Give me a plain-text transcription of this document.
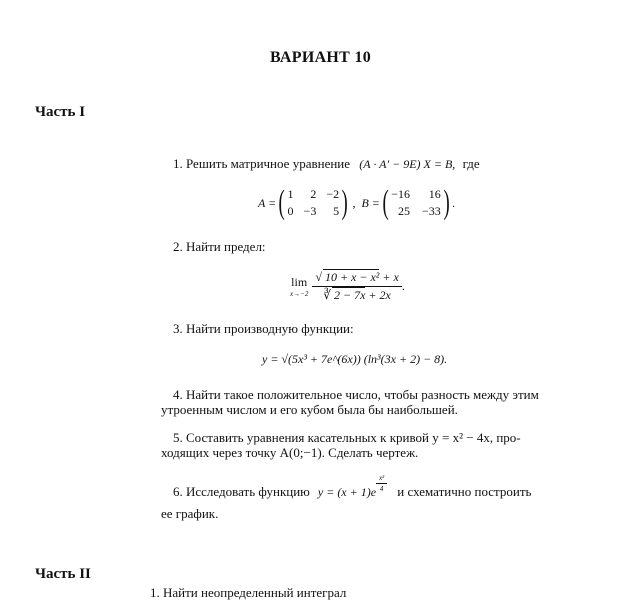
ВАРИАНТ 10
Часть I
1. Решить матричное уравнение (A · A′ − 9E) X = B, где
A = ( 1	2 −2
0 −3	5 ) , B = ( −16	16
25 −33 ) .
2. Найти предел:
lim
$x\to-2 \frac{\text{√ 10 + x − x² + x}}{∛ 2 - 7x + 2x}$ .
3. Найти производную функции:
y = √(5x³ + 7e^(6x)) (ln³(3x + 2) − 8).
4. Найти такое положительное число, чтобы разность между этим
утроенным числом и его кубом была бы наибольшей.
5. Составить уравнения касательных к кривой y = x² − 4x, про-
ходящих через точку A(0;−1). Сделать чертеж.
6. Исследовать функцию $y = (x + 1)e \frac{\text{x²}}{4}$ и схематично построить
ее график.
Часть II
1. Найти неопределенный интеграл
